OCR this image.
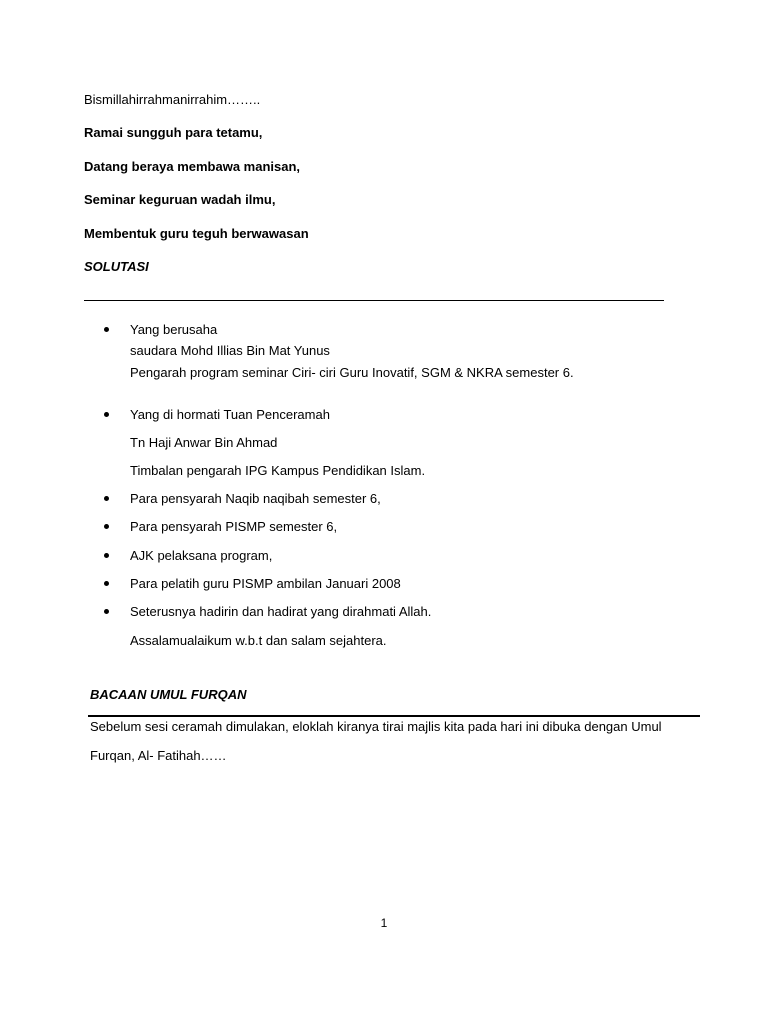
Bismillahirrahmanirrahim……..
Ramai sungguh para tetamu,
Datang beraya membawa manisan,
Seminar keguruan wadah ilmu,
Membentuk guru teguh berwawasan
SOLUTASI
Yang berusaha
saudara Mohd Illias Bin Mat Yunus
Pengarah program seminar Ciri- ciri Guru Inovatif, SGM & NKRA semester 6.
Yang di hormati Tuan Penceramah
Tn Haji Anwar Bin Ahmad
Timbalan pengarah IPG Kampus Pendidikan Islam.
Para pensyarah Naqib naqibah semester 6,
Para pensyarah PISMP semester 6,
AJK pelaksana program,
Para pelatih guru PISMP ambilan Januari 2008
Seterusnya hadirin dan hadirat yang dirahmati Allah.
Assalamualaikum w.b.t dan salam sejahtera.
BACAAN UMUL FURQAN
Sebelum sesi ceramah dimulakan, eloklah kiranya tirai majlis kita pada hari ini dibuka dengan Umul
Furqan, Al- Fatihah……
1
